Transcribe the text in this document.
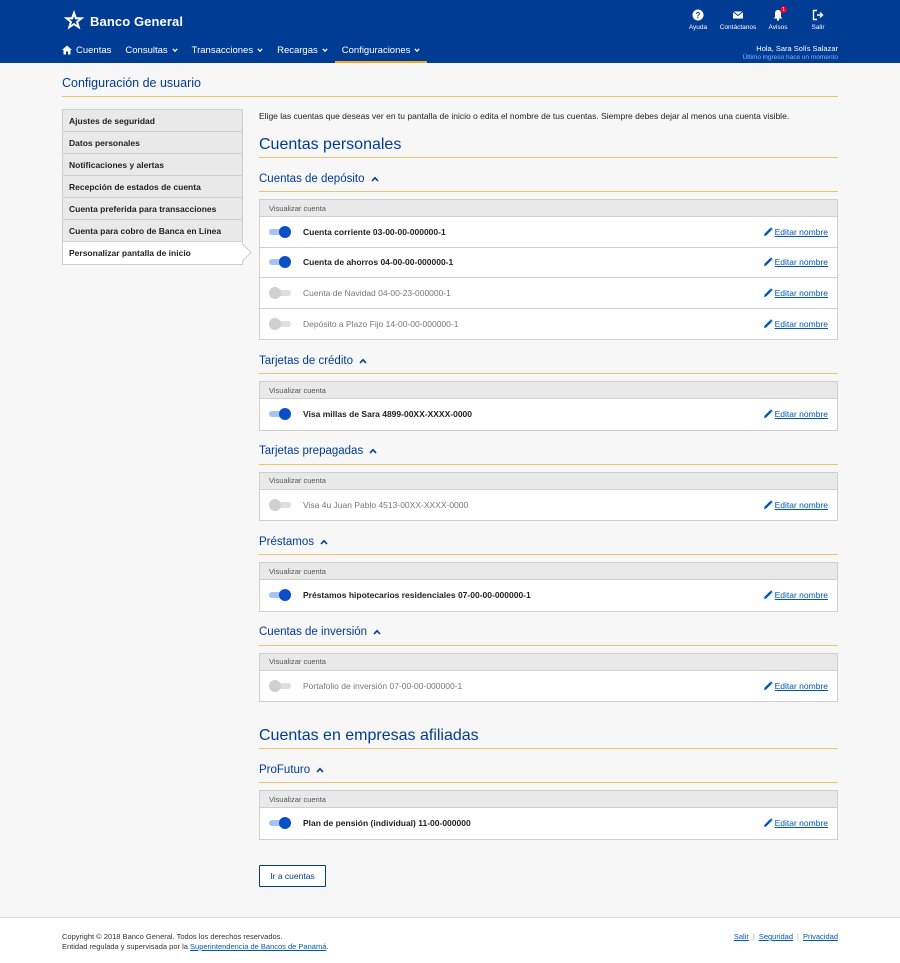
Banco General	?
Ayuda Contáctanos
1
Avisos	Salir
Cuentas Consultas	Transacciones	Recargas	Configuraciones	Hola, Sara Solís Salazar
Último ingreso hace un momento
Configuración de usuario
Ajustes de seguridad
Datos personales
Notificaciones y alertas
Recepción de estados de cuenta
Cuenta preferida para transacciones
Cuenta para cobro de Banca en Línea
Personalizar pantalla de inicio

Elige las cuentas que deseas ver en tu pantalla de inicio o edita el nombre de tus cuentas. Siempre debes dejar al menos una cuenta visible.

Cuentas personales
Cuentas de depósito
Visualizar cuenta
Cuenta corriente 03-00-00-000000-1	Editar nombre
Cuenta de ahorros 04-00-00-000000-1	Editar nombre
Cuenta de Navidad 04-00-23-000000-1	Editar nombre
Depósito a Plazo Fijo 14-00-00-000000-1	Editar nombre
Tarjetas de crédito
Visualizar cuenta
Visa millas de Sara 4899-00XX-XXXX-0000	Editar nombre
Tarjetas prepagadas
Visualizar cuenta
Visa 4u Juan Pablo 4513-00XX-XXXX-0000	Editar nombre
Préstamos
Visualizar cuenta
Préstamos hipotecarios residenciales 07-00-00-000000-1	Editar nombre
Cuentas de inversión
Visualizar cuenta
Portafolio de inversión 07-00-00-000000-1	Editar nombre
Cuentas en empresas afiliadas
ProFuturo
Visualizar cuenta
Plan de pensión (individual) 11-00-000000	Editar nombre
Ir a cuentas
Copyright © 2018 Banco General. Todos los derechos reservados.
Entidad regulada y supervisada por la Superintendencia de Bancos de Panamá.
Salir | Seguridad | Privacidad
